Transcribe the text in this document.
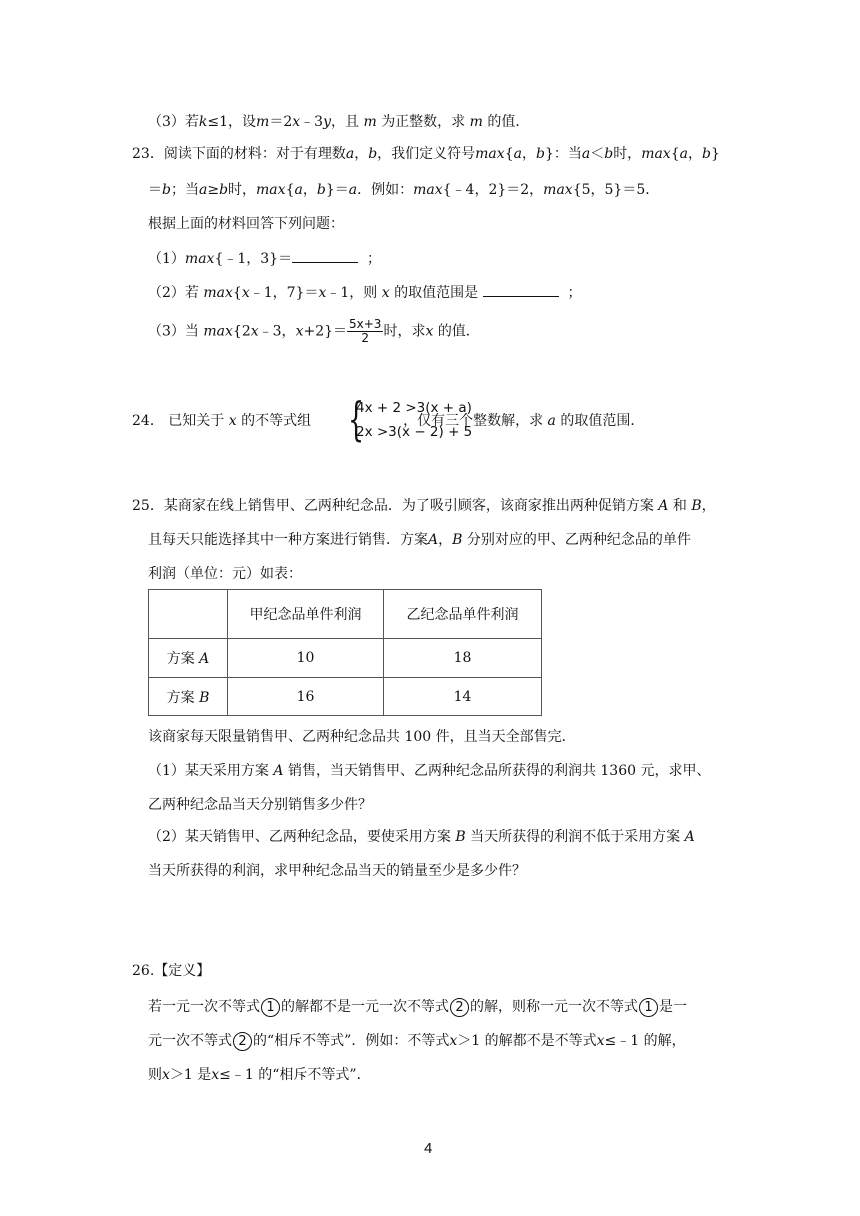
（3）若k≤1，设m＝2x﹣3y，且 m 为正整数，求 m 的值．
23．阅读下面的材料：对于有理数a，b，我们定义符号max{a，b}：当a＜b时，max{a，b}
＝b；当a≥b时，max{a，b}＝a．例如：max{﹣4，2}＝2，max{5，5}＝5．
根据上面的材料回答下列问题：
（1）max{﹣1，3}＝	；
（2）若 max{x﹣1，7}＝x﹣1，则 x 的取值范围是	；
（3）当 max{2x﹣3，$x+2\}= \frac{5x+3}{2}$ 时，求x 的值．
24． 已知关于 x 的不等式组	，仅有三个整数解，求 a 的取值范围．
{
4x + 2 >3(x + a)
2x >3(x − 2) + 5
25．某商家在线上销售甲、乙两种纪念品．为了吸引顾客，该商家推出两种促销方案 A 和 B，
且每天只能选择其中一种方案进行销售．方案A，B 分别对应的甲、乙两种纪念品的单件
利润（单位：元）如表：
	甲纪念品单件利润	乙纪念品单件利润
方案 A	10	18
方案 B	16	14
该商家每天限量销售甲、乙两种纪念品共 100 件，且当天全部售完．
（1）某天采用方案 A 销售，当天销售甲、乙两种纪念品所获得的利润共 1360 元，求甲、
乙两种纪念品当天分别销售多少件？
（2）某天销售甲、乙两种纪念品，要使采用方案 B 当天所获得的利润不低于采用方案 A
当天所获得的利润，求甲种纪念品当天的销量至少是多少件？
26.【定义】
若一元一次不等式 1 的解都不是一元一次不等式 2 的解，则称一元一次不等式 1 是一
元一次不等式 2 的“相斥不等式”．例如：不等式x＞1 的解都不是不等式x≤﹣1 的解，
则x＞1 是x≤﹣1 的“相斥不等式”．
4
